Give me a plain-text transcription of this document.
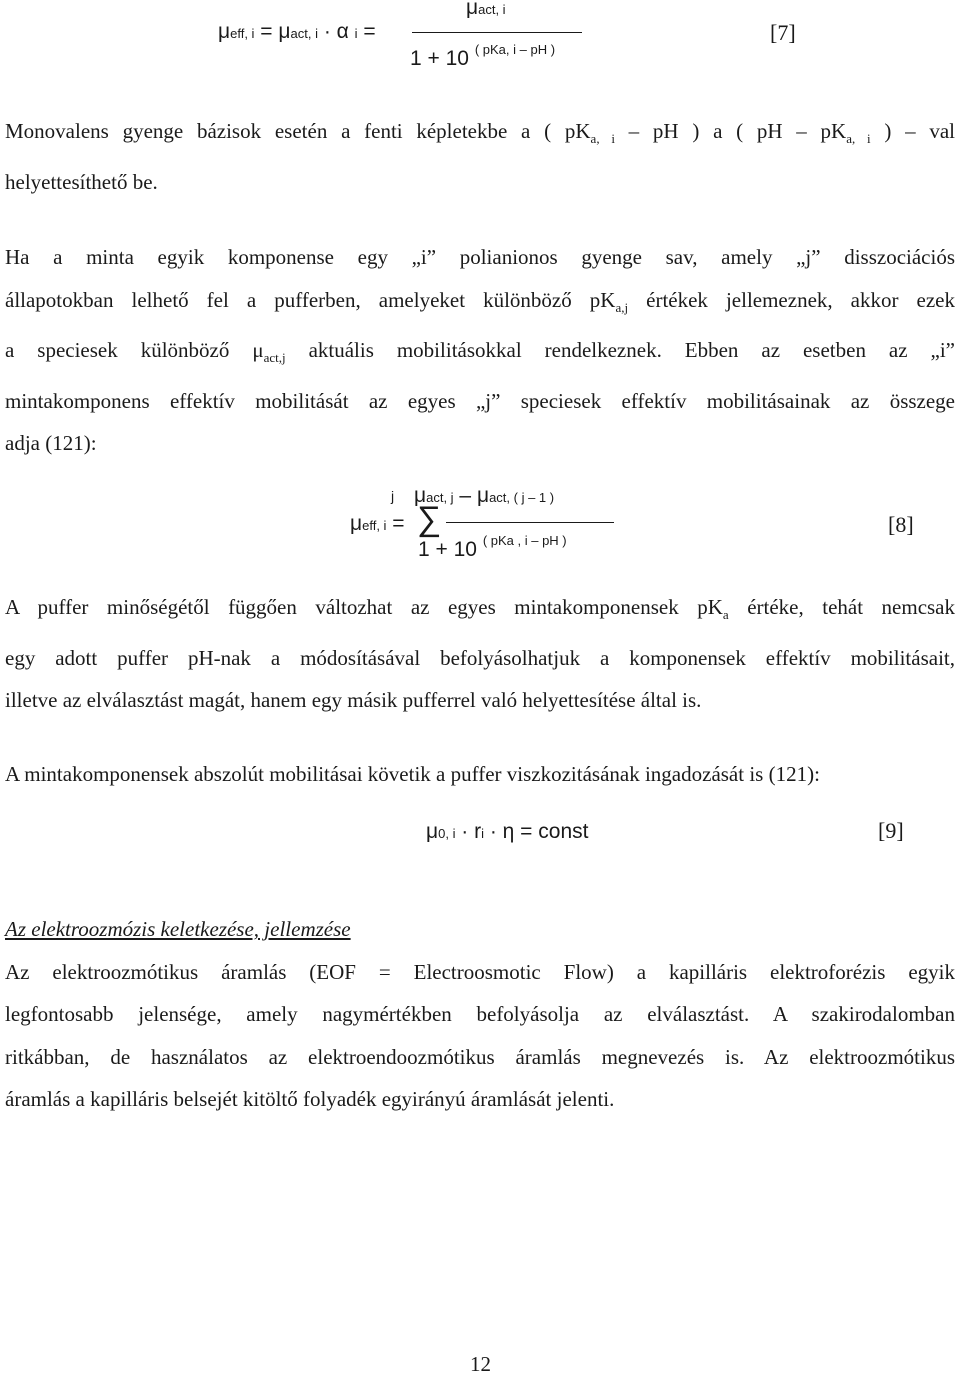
μeff, i = μact, i · α i =
μact, i
1 + 10 $^{( pKa, i - pH )}$
[7]
Monovalens gyenge bázisok esetén a fenti képletekbe a ( $pK_{a, i}$ – pH ) a ( pH – $pK_{a, i}$ ) – val
helyettesíthető be.
Ha a minta egyik komponense egy „i” polianionos gyenge sav, amely „j” disszociációs
állapotokban lelhető fel a pufferben, amelyeket különböző $pK_{a,j}$ értékek jellemeznek, akkor ezek
a speciesek különböző $\mu_{act,j}$ aktuális mobilitásokkal rendelkeznek. Ebben az esetben az „i”
mintakomponens effektív mobilitását az egyes „j” speciesek effektív mobilitásainak az összege
adja (121):
j μact, j – μact, ( j – 1 )
μeff, i = ∑
1 + 10 $^{( pKa , i - pH )}$
[8]
A puffer minőségétől függően változhat az egyes mintakomponensek $pK_a$ értéke, tehát nemcsak
egy adott puffer pH-nak a módosításával befolyásolhatjuk a komponensek effektív mobilitásait,
illetve az elválasztást magát, hanem egy másik pufferrel való helyettesítése által is.
A mintakomponensek abszolút mobilitásai követik a puffer viszkozitásának ingadozását is (121):
μ0, i · ri · η = const	[9]
Az elektroozmózis keletkezése, jellemzése
Az elektroozmótikus áramlás (EOF = Electroosmotic Flow) a kapilláris elektroforézis egyik
legfontosabb jelensége, amely nagymértékben befolyásolja az elválasztást. A szakirodalomban
ritkábban, de használatos az elektroendoozmótikus áramlás megnevezés is. Az elektroozmótikus
áramlás a kapilláris belsejét kitöltő folyadék egyirányú áramlását jelenti.
12
